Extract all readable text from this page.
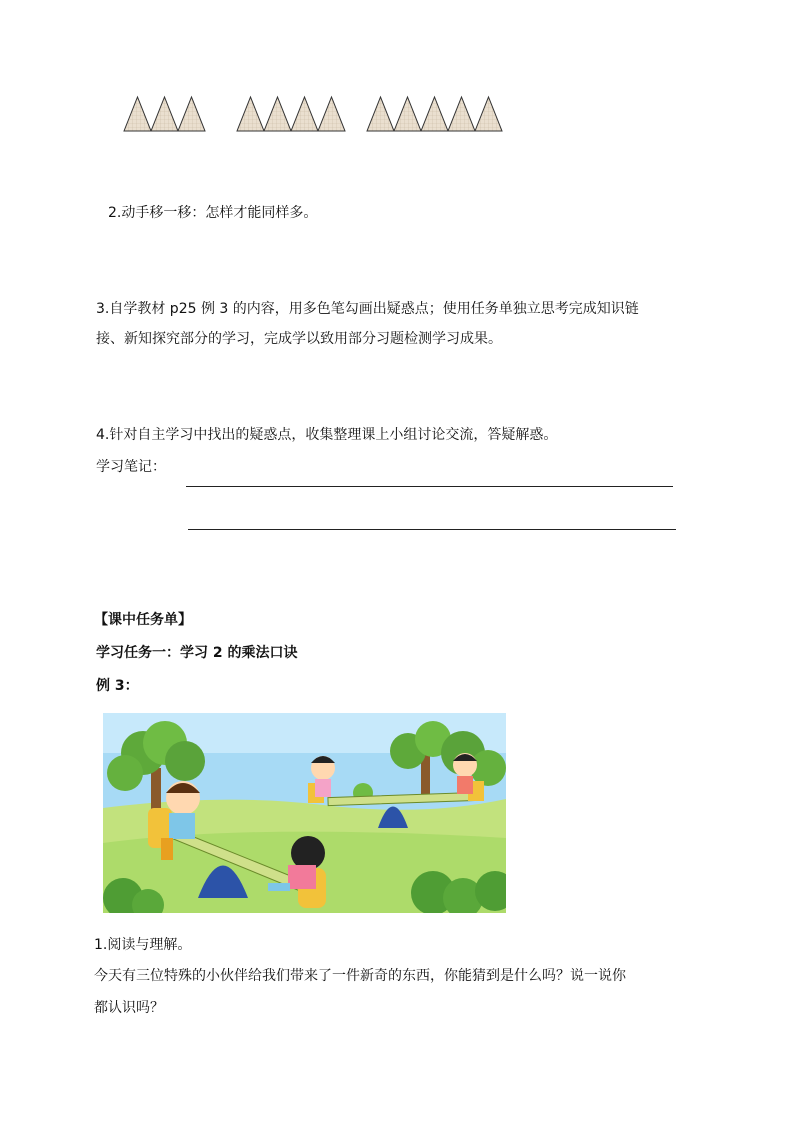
2.动手移一移：怎样才能同样多。
3.自学教材 p25 例 3 的内容，用多色笔勾画出疑惑点；使用任务单独立思考完成知识链
接、新知探究部分的学习，完成学以致用部分习题检测学习成果。
4.针对自主学习中找出的疑惑点，收集整理课上小组讨论交流，答疑解惑。
学习笔记：
【课中任务单】
学习任务一：学习 2 的乘法口诀
例 3：
1.阅读与理解。
今天有三位特殊的小伙伴给我们带来了一件新奇的东西，你能猜到是什么吗？说一说你
都认识吗？
